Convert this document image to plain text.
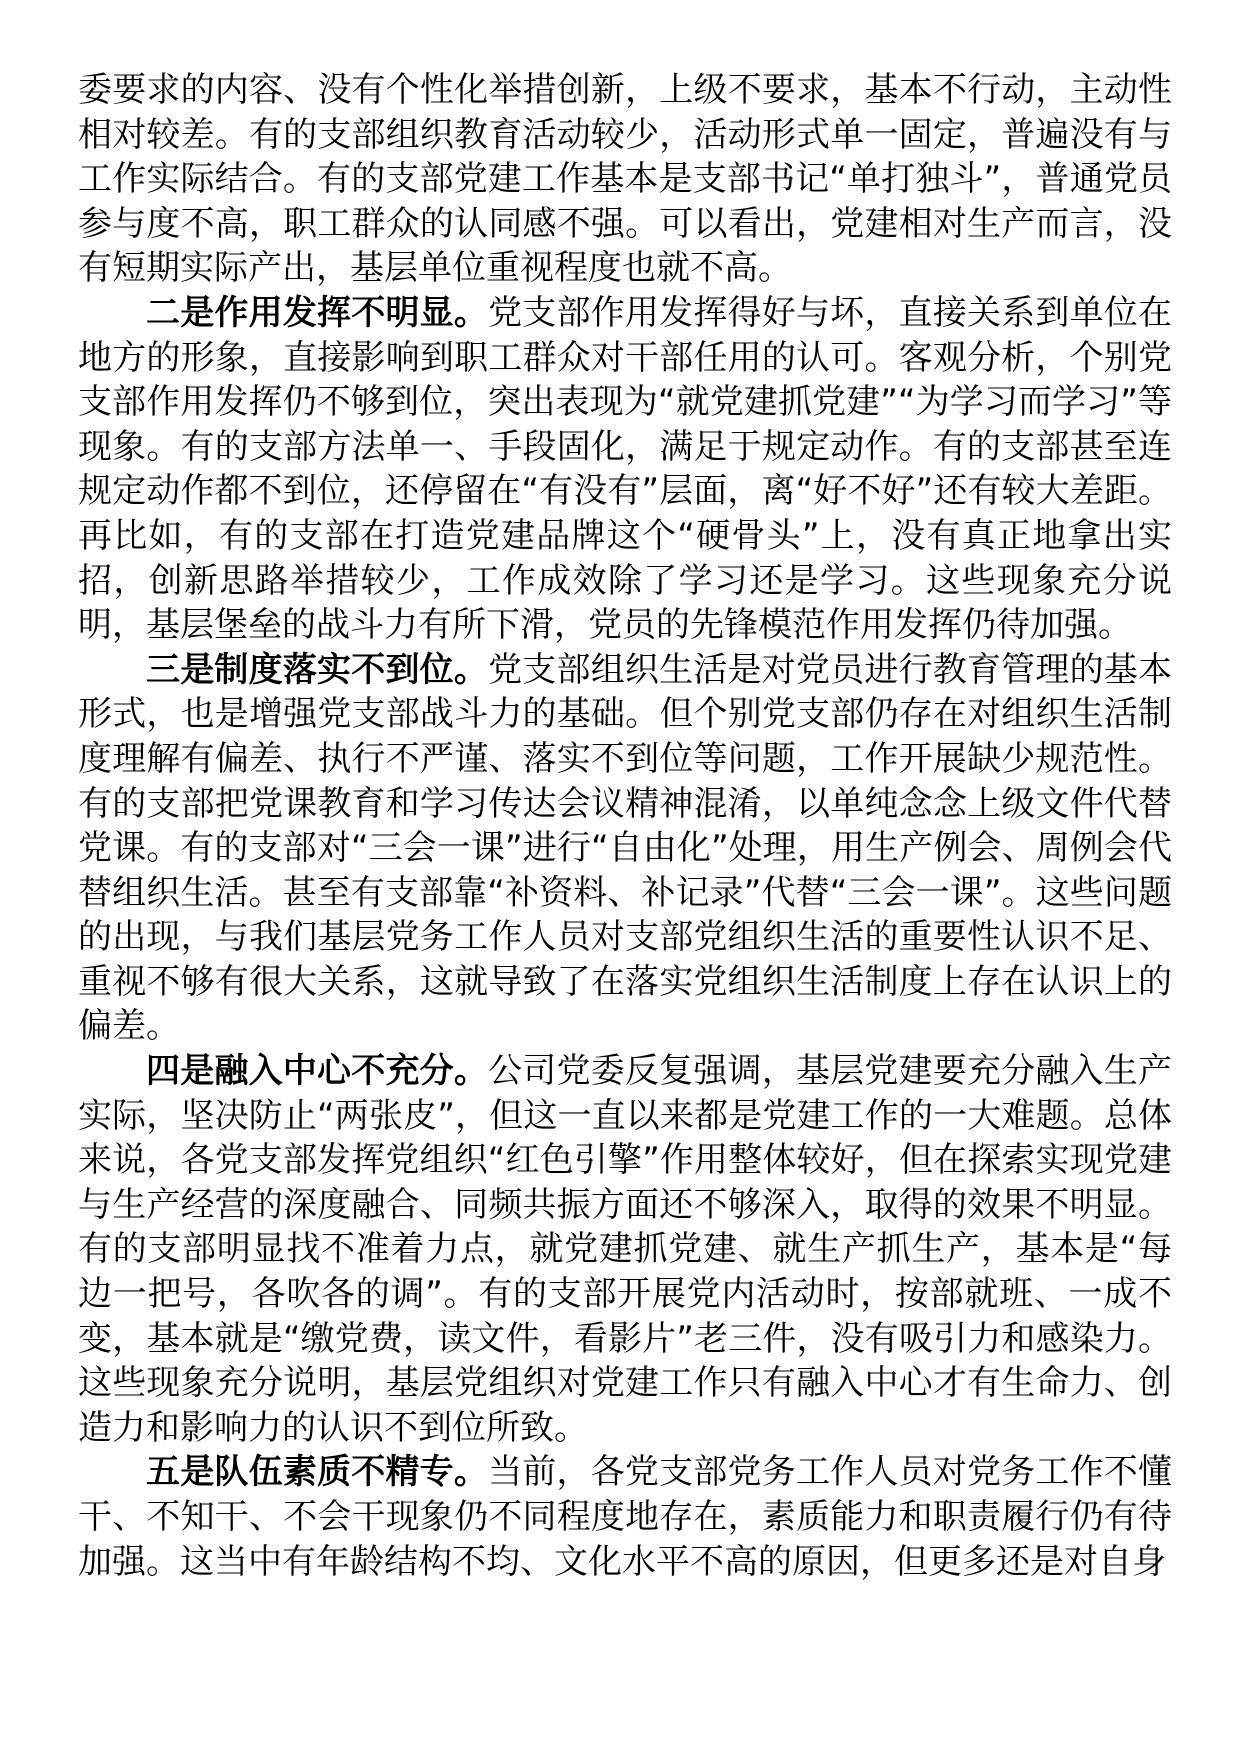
委要求的内容、没有个性化举措创新，上级不要求，基本不行动，主动性相对较差。有的支部组织教育活动较少，活动形式单一固定，普遍没有与工作实际结合。有的支部党建工作基本是支部书记“单打独斗”，普通党员参与度不高，职工群众的认同感不强。可以看出，党建相对生产而言，没有短期实际产出，基层单位重视程度也就不高。

二是作用发挥不明显。党支部作用发挥得好与坏，直接关系到单位在地方的形象，直接影响到职工群众对干部任用的认可。客观分析，个别党支部作用发挥仍不够到位，突出表现为“就党建抓党建”“为学习而学习”等现象。有的支部方法单一、手段固化，满足于规定动作。有的支部甚至连规定动作都不到位，还停留在“有没有”层面，离“好不好”还有较大差距。再比如，有的支部在打造党建品牌这个“硬骨头”上，没有真正地拿出实招，创新思路举措较少，工作成效除了学习还是学习。这些现象充分说明，基层堡垒的战斗力有所下滑，党员的先锋模范作用发挥仍待加强。

三是制度落实不到位。党支部组织生活是对党员进行教育管理的基本形式，也是增强党支部战斗力的基础。但个别党支部仍存在对组织生活制度理解有偏差、执行不严谨、落实不到位等问题，工作开展缺少规范性。有的支部把党课教育和学习传达会议精神混淆，以单纯念念上级文件代替党课。有的支部对“三会一课”进行“自由化”处理，用生产例会、周例会代替组织生活。甚至有支部靠“补资料、补记录”代替“三会一课”。这些问题的出现，与我们基层党务工作人员对支部党组织生活的重要性认识不足、重视不够有很大关系，这就导致了在落实党组织生活制度上存在认识上的偏差。

四是融入中心不充分。公司党委反复强调，基层党建要充分融入生产实际，坚决防止“两张皮”，但这一直以来都是党建工作的一大难题。总体来说，各党支部发挥党组织“红色引擎”作用整体较好，但在探索实现党建与生产经营的深度融合、同频共振方面还不够深入，取得的效果不明显。有的支部明显找不准着力点，就党建抓党建、就生产抓生产，基本是“每边一把号，各吹各的调”。有的支部开展党内活动时，按部就班、一成不变，基本就是“缴党费，读文件，看影片”老三件，没有吸引力和感染力。这些现象充分说明，基层党组织对党建工作只有融入中心才有生命力、创造力和影响力的认识不到位所致。

五是队伍素质不精专。当前，各党支部党务工作人员对党务工作不懂干、不知干、不会干现象仍不同程度地存在，素质能力和职责履行仍有待加强。这当中有年龄结构不均、文化水平不高的原因，但更多还是对自身
